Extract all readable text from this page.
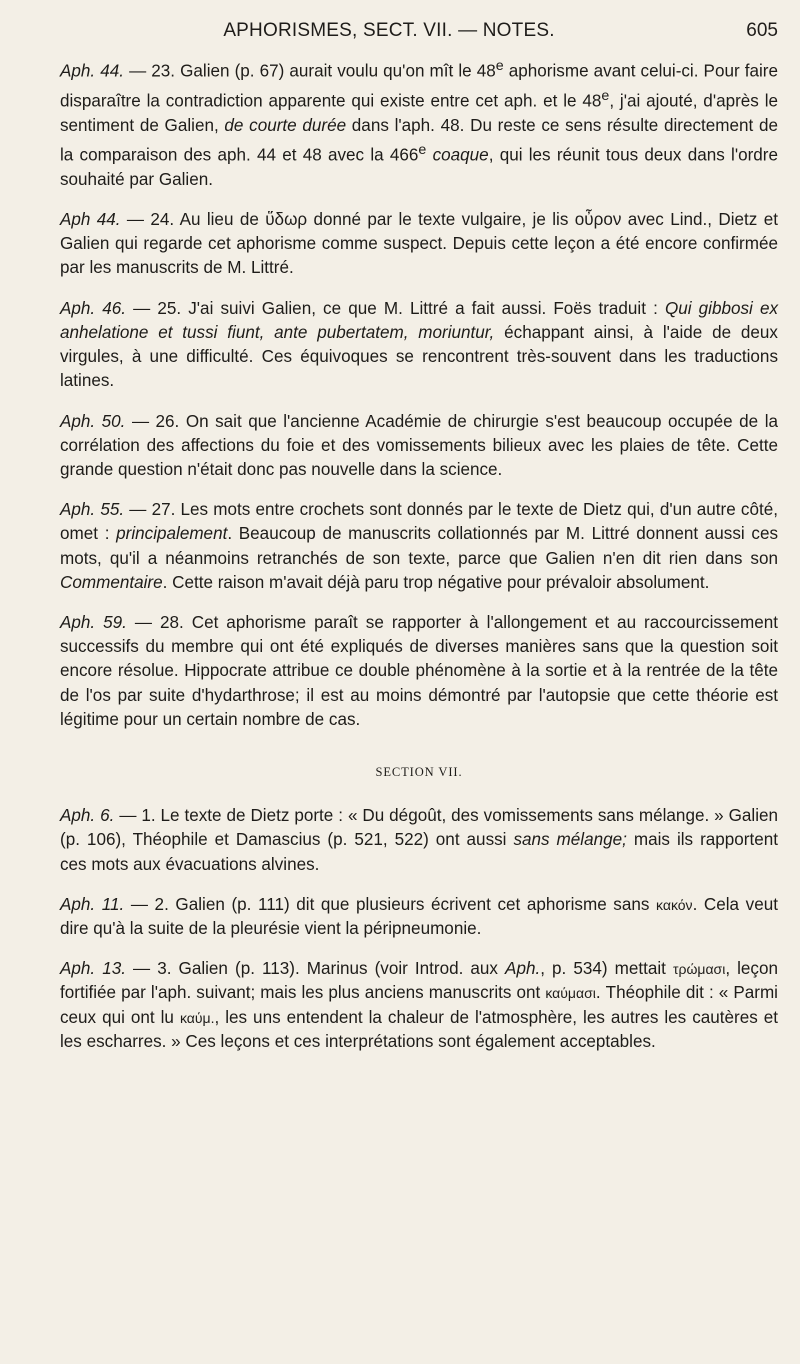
APHORISMES, SECT. VII. — NOTES.	605

Aph. 44. — 23. Galien (p. 67) aurait voulu qu'on mît le 48e aphorisme avant celui-ci. Pour faire disparaître la contradiction apparente qui existe entre cet aph. et le 48e, j'ai ajouté, d'après le sentiment de Galien, de courte durée dans l'aph. 48. Du reste ce sens résulte directement de la comparaison des aph. 44 et 48 avec la 466e coaque, qui les réunit tous deux dans l'ordre souhaité par Galien.

Aph 44. — 24. Au lieu de ὕδωρ donné par le texte vulgaire, je lis οὖρον avec Lind., Dietz et Galien qui regarde cet aphorisme comme suspect. Depuis cette leçon a été encore confirmée par les manuscrits de M. Littré.

Aph. 46. — 25. J'ai suivi Galien, ce que M. Littré a fait aussi. Foës traduit : Qui gibbosi ex anhelatione et tussi fiunt, ante pubertatem, moriuntur, échappant ainsi, à l'aide de deux virgules, à une difficulté. Ces équivoques se rencontrent très-souvent dans les traductions latines.

Aph. 50. — 26. On sait que l'ancienne Académie de chirurgie s'est beaucoup occupée de la corrélation des affections du foie et des vomissements bilieux avec les plaies de tête. Cette grande question n'était donc pas nouvelle dans la science.

Aph. 55. — 27. Les mots entre crochets sont donnés par le texte de Dietz qui, d'un autre côté, omet : principalement. Beaucoup de manuscrits collationnés par M. Littré donnent aussi ces mots, qu'il a néanmoins retranchés de son texte, parce que Galien n'en dit rien dans son Commentaire. Cette raison m'avait déjà paru trop négative pour prévaloir absolument.

Aph. 59. — 28. Cet aphorisme paraît se rapporter à l'allongement et au raccourcissement successifs du membre qui ont été expliqués de diverses manières sans que la question soit encore résolue. Hippocrate attribue ce double phénomène à la sortie et à la rentrée de la tête de l'os par suite d'hydarthrose; il est au moins démontré par l'autopsie que cette théorie est légitime pour un certain nombre de cas.

SECTION VII.

Aph. 6. — 1. Le texte de Dietz porte : « Du dégoût, des vomissements sans mélange. » Galien (p. 106), Théophile et Damascius (p. 521, 522) ont aussi sans mélange; mais ils rapportent ces mots aux évacuations alvines.

Aph. 11. — 2. Galien (p. 111) dit que plusieurs écrivent cet aphorisme sans κακόν. Cela veut dire qu'à la suite de la pleurésie vient la péripneumonie.

Aph. 13. — 3. Galien (p. 113). Marinus (voir Introd. aux Aph., p. 534) mettait τρώμασι, leçon fortifiée par l'aph. suivant; mais les plus anciens manuscrits ont καύμασι. Théophile dit : « Parmi ceux qui ont lu καύμ., les uns entendent la chaleur de l'atmosphère, les autres les cautères et les escharres. » Ces leçons et ces interprétations sont également acceptables.
